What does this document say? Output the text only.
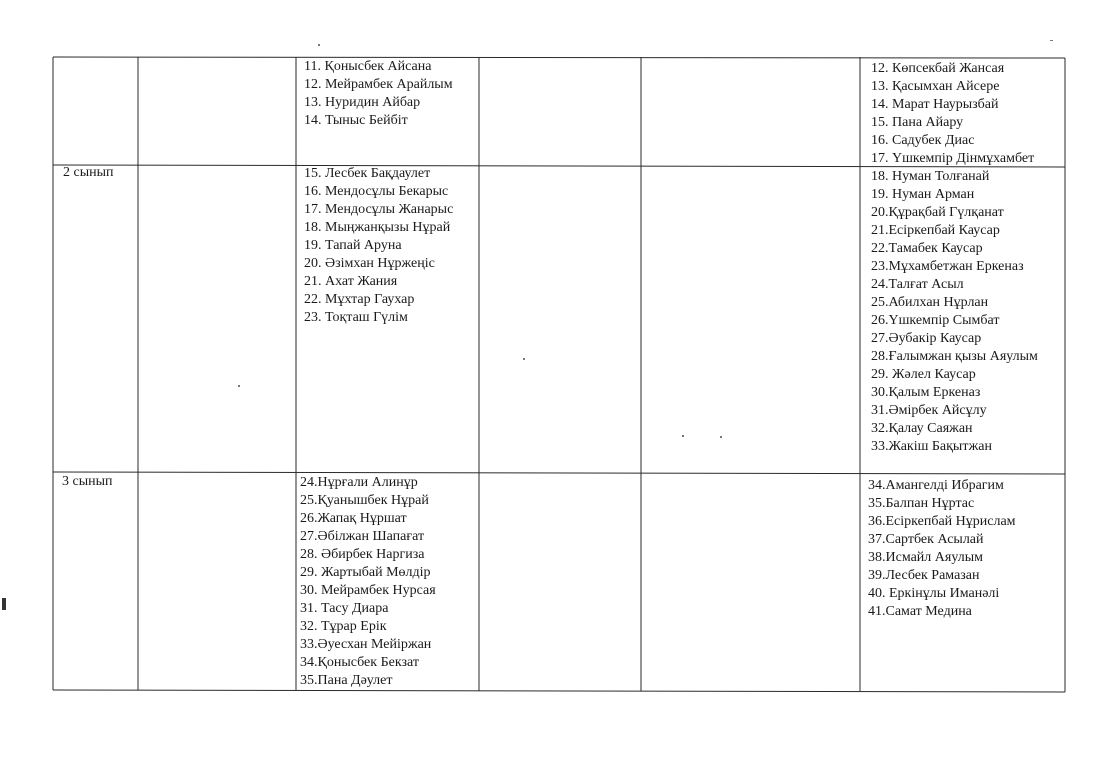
11. Қонысбек Айсана
12. Мейрамбек Арайлым
13. Нуридин Айбар
14. Тыныс Бейбіт
12. Көпсекбай Жансая
13. Қасымхан Айсере
14. Марат Наурызбай
15. Пана Айару
16. Садубек Диас
17. Үшкемпір Дінмұхамбет
2 сынып	15. Лесбек Бақдаулет
16. Мендосұлы Бекарыс
17. Мендосұлы Жанарыс
18. Мыңжанқызы Нұрай
19. Тапай Аруна
20. Әзімхан Нұржеңіс
21. Ахат Жания
22. Мұхтар Гаухар
23. Тоқташ Гүлім
18. Нуман Толғанай
19. Нуман Арман
20.Құрақбай Гүлқанат
21.Есіркепбай Каусар
22.Тамабек Каусар
23.Мұхамбетжан Еркеназ
24.Талғат Асыл
25.Абилхан Нұрлан
26.Үшкемпір Сымбат
27.Әубакір Каусар
28.Ғалымжан қызы Аяулым
29. Жәлел Каусар
30.Қалым Еркеназ
31.Әмірбек Айсұлу
32.Қалау Саяжан
33.Жакіш Бақытжан
3 сынып	24.Нұрғали Алинұр
25.Қуанышбек Нұрай
26.Жапақ Нұршат
27.Әбілжан Шапағат
28. Әбирбек Наргиза
29. Жартыбай Мөлдір
30. Мейрамбек Нурсая
31. Тасу Диара
32. Тұрар Ерік
33.Әуесхан Мейіржан
34.Қонысбек Бекзат
35.Пана Дәулет
34.Амангелді Ибрагим
35.Балпан Нұртас
36.Есіркепбай Нұрислам
37.Сартбек Асылай
38.Исмайл Аяулым
39.Лесбек Рамазан
40. Еркінұлы Иманәлі
41.Самат Медина
